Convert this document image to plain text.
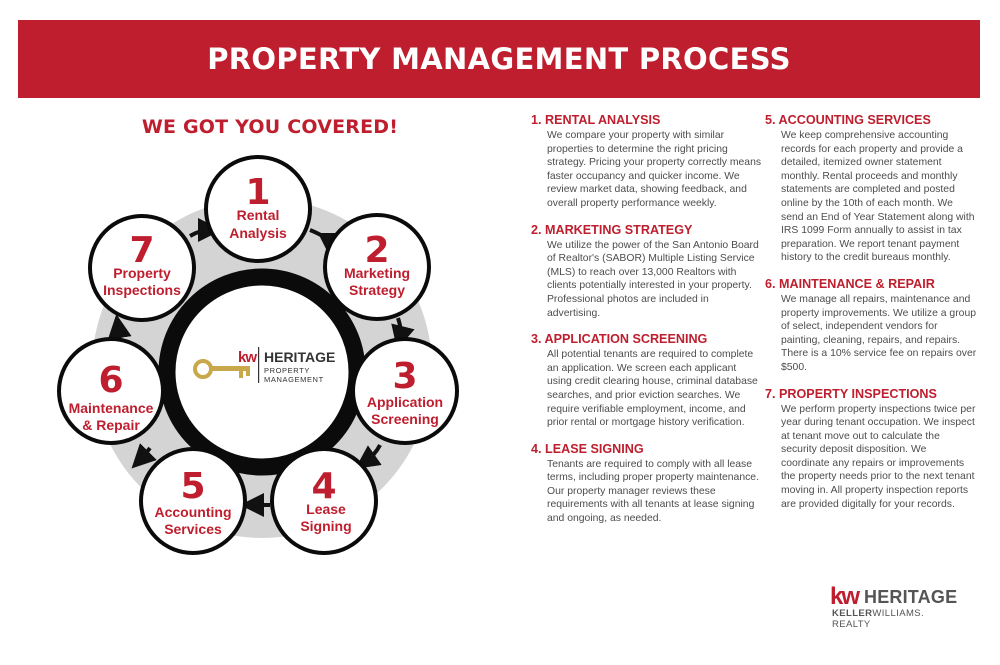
PROPERTY MANAGEMENT PROCESS
WE GOT YOU COVERED!
kw HERITAGE
PROPERTY
MANAGEMENT
1
Rental
Analysis 2
Marketing
Strategy
3
Application
Screening
4
Lease
Signing
5
Accounting
Services
6
Maintenance
& Repair
7
Property
Inspections
1. RENTAL ANALYSIS

We compare your property with similar properties to determine the right pricing strategy. Pricing your property correctly means faster occupancy and quicker income. We review market data, showing feedback, and overall property performance weekly.

2. MARKETING STRATEGY

We utilize the power of the San Antonio Board of Realtor's (SABOR) Multiple Listing Service (MLS) to reach over 13,000 Realtors with clients potentially interested in your property. Professional photos are included in advertising.

3. APPLICATION SCREENING

All potential tenants are required to complete an application. We screen each applicant using credit clearing house, criminal database searches, and prior eviction searches. We require verifiable employment, income, and prior rental or mortgage history verification.

4. LEASE SIGNING

Tenants are required to comply with all lease terms, including proper property maintenance. Our property manager reviews these requirements with all tenants at lease signing and ongoing, as needed.

5. ACCOUNTING SERVICES

We keep comprehensive accounting records for each property and provide a detailed, itemized owner statement monthly. Rental proceeds and monthly statements are completed and posted online by the 10th of each month. We send an End of Year Statement along with IRS 1099 Form annually to assist in tax preparation. We report tenant payment history to the credit bureaus monthly.

6. MAINTENANCE & REPAIR

We manage all repairs, maintenance and property improvements. We utilize a group of select, independent vendors for painting, cleaning, repairs, and repairs. There is a 10% service fee on repairs over $500.

7. PROPERTY INSPECTIONS

We perform property inspections twice per year during tenant occupation. We inspect at tenant move out to calculate the security deposit disposition. We coordinate any repairs or improvements the property needs prior to the next tenant moving in. All property inspection reports are provided digitally for your records.

kw HERITAGE
KELLERWILLIAMS. REALTY
